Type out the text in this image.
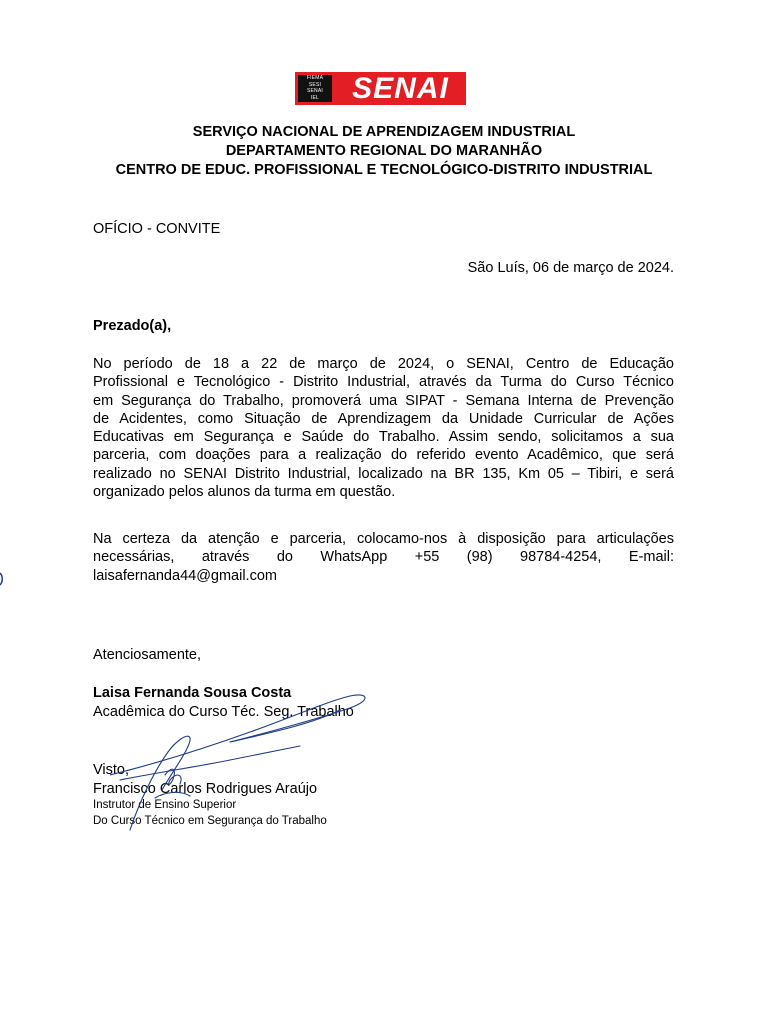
FIEMA
SESI
SENAI
IEL SENAI
SERVIÇO NACIONAL DE APRENDIZAGEM INDUSTRIAL
DEPARTAMENTO REGIONAL DO MARANHÃO
CENTRO DE EDUC. PROFISSIONAL E TECNOLÓGICO-DISTRITO INDUSTRIAL
OFÍCIO - CONVITE
São Luís, 06 de março de 2024.
Prezado(a),
No período de 18 a 22 de março de 2024, o SENAI, Centro de Educação
Profissional e Tecnológico - Distrito Industrial, através da Turma do Curso Técnico
em Segurança do Trabalho, promoverá uma SIPAT - Semana Interna de Prevenção
de Acidentes, como Situação de Aprendizagem da Unidade Curricular de Ações
Educativas em Segurança e Saúde do Trabalho. Assim sendo, solicitamos a sua
parceria, com doações para a realização do referido evento Acadêmico, que será
realizado no SENAI Distrito Industrial, localizado na BR 135, Km 05 – Tibiri, e será
organizado pelos alunos da turma em questão.
Na certeza da atenção e parceria, colocamo-nos à disposição para articulações
necessárias, através do WhatsApp +55 (98) 98784-4254, E-mail:
laisafernanda44@gmail.com
Atenciosamente,
Laisa Fernanda Sousa Costa
Acadêmica do Curso Téc. Seg. Trabalho
Visto,
Francisco Carlos Rodrigues Araújo
Instrutor de Ensino Superior
Do Curso Técnico em Segurança do Trabalho
